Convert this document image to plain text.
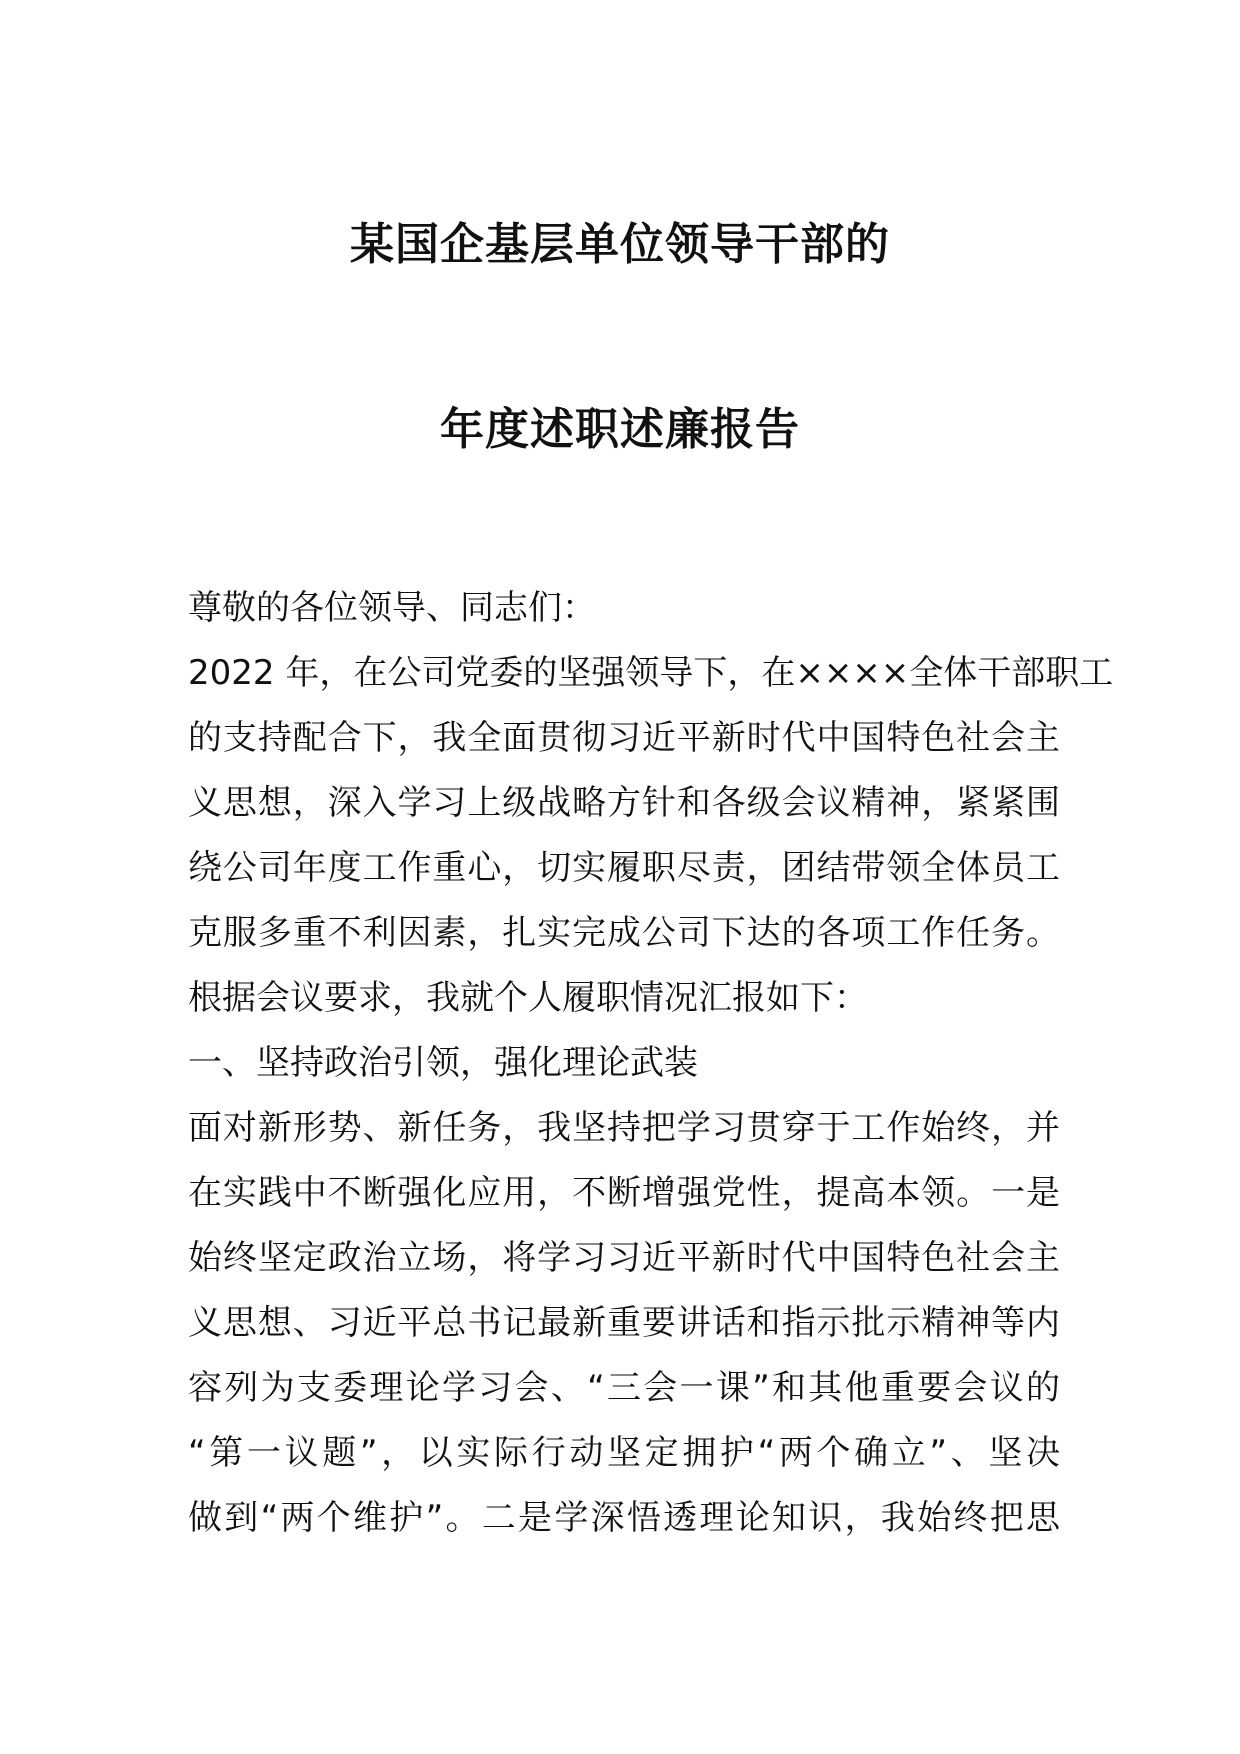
某国企基层单位领导干部的
年度述职述廉报告
尊敬的各位领导、同志们：
2022 年，在公司党委的坚强领导下，在××××全体干部职工
的支持配合下，我全面贯彻习近平新时代中国特色社会主
义思想，深入学习上级战略方针和各级会议精神，紧紧围
绕公司年度工作重心，切实履职尽责，团结带领全体员工
克服多重不利因素，扎实完成公司下达的各项工作任务。
根据会议要求，我就个人履职情况汇报如下：
一、坚持政治引领，强化理论武装
面对新形势、新任务，我坚持把学习贯穿于工作始终，并
在实践中不断强化应用，不断增强党性，提高本领。一是
始终坚定政治立场，将学习习近平新时代中国特色社会主
义思想、习近平总书记最新重要讲话和指示批示精神等内
容列为支委理论学习会、“三会一课”和其他重要会议的
“第一议题”，以实际行动坚定拥护“两个确立”、坚决
做到“两个维护”。二是学深悟透理论知识，我始终把思
